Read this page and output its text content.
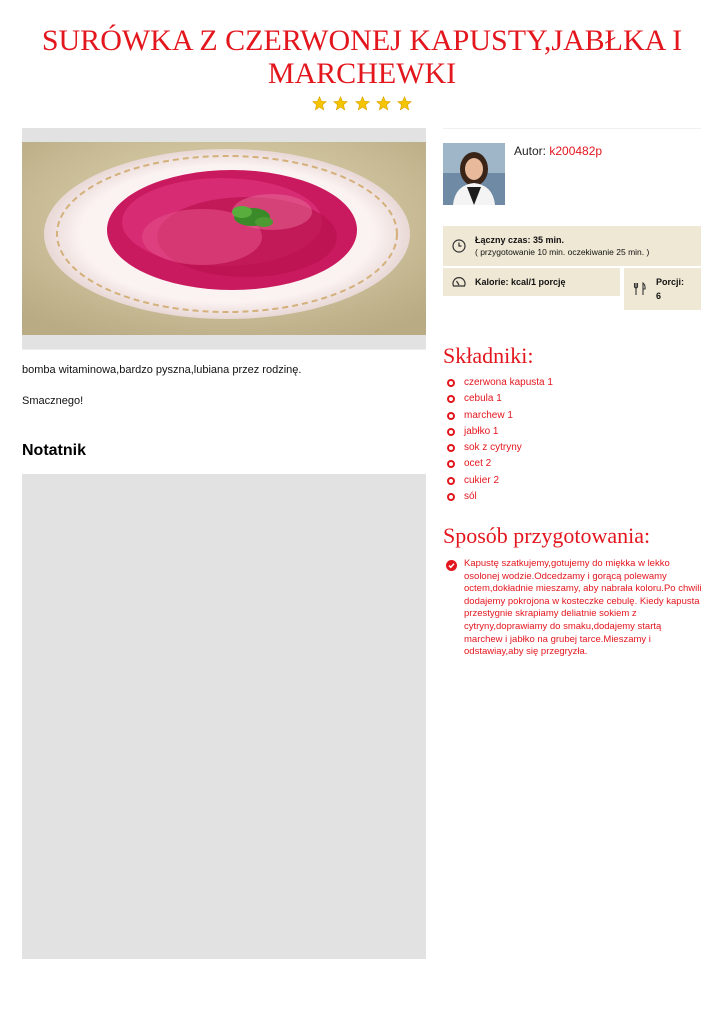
SURÓWKA Z CZERWONEJ KAPUSTY,JABŁKA I MARCHEWKI

bomba witaminowa,bardzo pyszna,lubiana przez rodzinę.

Smacznego!

Notatnik
Autor: k200482p
Łączny czas: 35 min.
( przygotowanie 10 min. oczekiwanie 25 min. )
Kalorie: kcal/1 porcję	Porcji:
6
Składniki:
czerwona kapusta 1
cebula 1
marchew 1
jabłko 1
sok z cytryny
ocet 2
cukier 2
sól
Sposób przygotowania:

Kapustę szatkujemy,gotujemy do miękka w lekko osolonej wodzie.Odcedzamy i gorącą polewamy octem,dokładnie mieszamy, aby nabrała koloru.Po chwili dodajemy pokrojona w kosteczke cebulę. Kiedy kapusta przestygnie skrapiamy deliatnie sokiem z cytryny,doprawiamy do smaku,dodajemy startą marchew i jabłko na grubej tarce.Mieszamy i odstawiay,aby się przegryzła.
